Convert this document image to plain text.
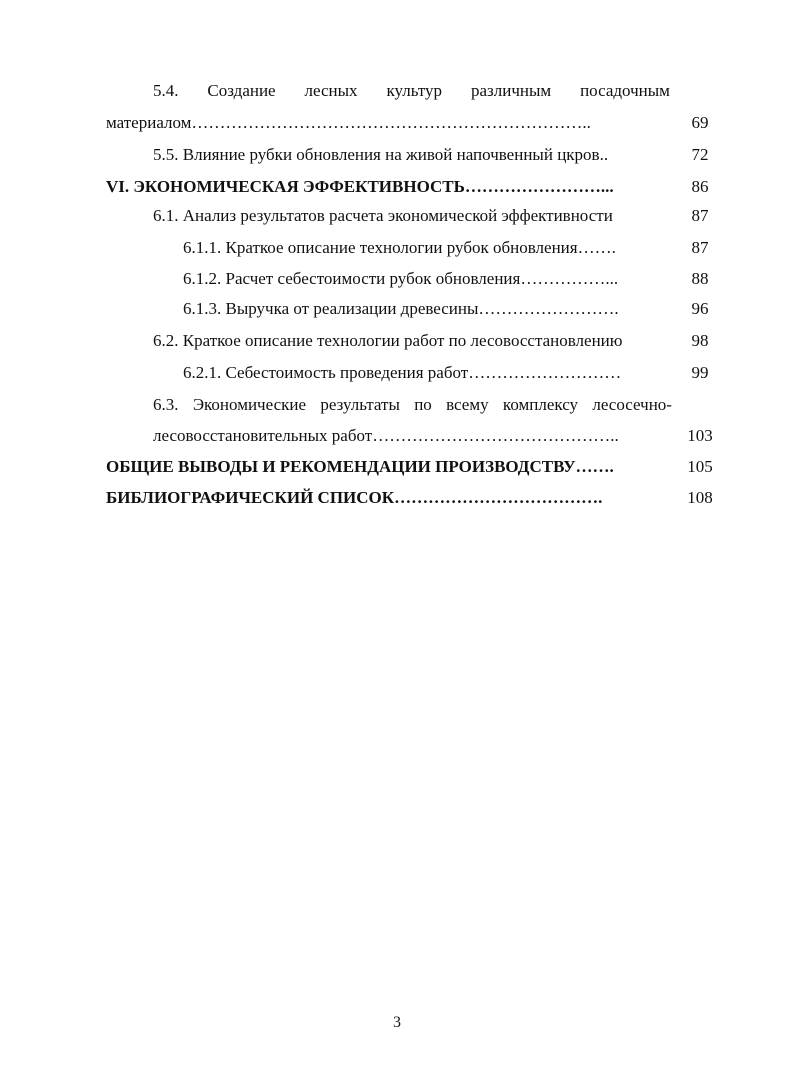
5.4. Создание лесных культур различным посадочным
материалом……………………………………………………………..	69
5.5. Влияние рубки обновления на живой напочвенный цкров..	72
VI. ЭКОНОМИЧЕСКАЯ ЭФФЕКТИВНОСТЬ……………………...	86
6.1. Анализ результатов расчета экономической эффективности	87
6.1.1. Краткое описание технологии рубок обновления…….	87
6.1.2. Расчет себестоимости рубок обновления……………...	88
6.1.3. Выручка от реализации древесины…………………….	96
6.2. Краткое описание технологии работ по лесовосстановлению	98
6.2.1. Себестоимость проведения работ………………………	99
6.3. Экономические результаты по всему комплексу лесосечно-
лесовосстановительных работ……………………………………..	103
ОБЩИЕ ВЫВОДЫ И РЕКОМЕНДАЦИИ ПРОИЗВОДСТВУ…….	105
БИБЛИОГРАФИЧЕСКИЙ СПИСОК……………………………….	108
3
